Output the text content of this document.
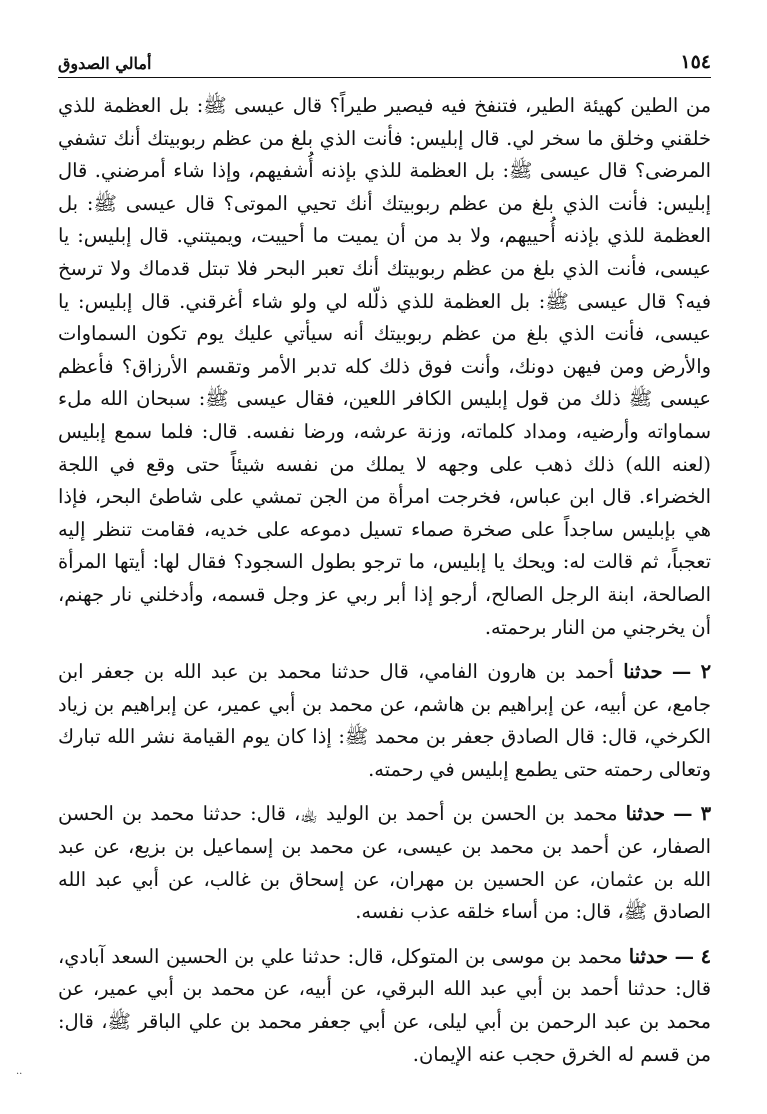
أمالي الصدوق	١٥٤

من الطين كهيئة الطير، فتنفخ فيه فيصير طيراً؟ قال عيسى ﷺ: بل العظمة للذي خلقني وخلق ما سخر لي. قال إبليس: فأنت الذي بلغ من عظم ربوبيتك أنك تشفي المرضى؟ قال عيسى ﷺ: بل العظمة للذي بإذنه أُشفيهم، وإذا شاء أمرضني. قال إبليس: فأنت الذي بلغ من عظم ربوبيتك أنك تحيي الموتى؟ قال عيسى ﷺ: بل العظمة للذي بإذنه أُحييهم، ولا بد من أن يميت ما أحييت، ويميتني. قال إبليس: يا عيسى، فأنت الذي بلغ من عظم ربوبيتك أنك تعبر البحر فلا تبتل قدماك ولا ترسخ فيه؟ قال عيسى ﷺ: بل العظمة للذي ذلّله لي ولو شاء أغرقني. قال إبليس: يا عيسى، فأنت الذي بلغ من عظم ربوبيتك أنه سيأتي عليك يوم تكون السماوات والأرض ومن فيهن دونك، وأنت فوق ذلك كله تدبر الأمر وتقسم الأرزاق؟ فأعظم عيسى ﷺ ذلك من قول إبليس الكافر اللعين، فقال عيسى ﷺ: سبحان الله ملء سماواته وأرضيه، ومداد كلماته، وزنة عرشه، ورضا نفسه. قال: فلما سمع إبليس (لعنه الله) ذلك ذهب على وجهه لا يملك من نفسه شيئاً حتى وقع في اللجة الخضراء. قال ابن عباس، فخرجت امرأة من الجن تمشي على شاطئ البحر، فإذا هي بإبليس ساجداً على صخرة صماء تسيل دموعه على خديه، فقامت تنظر إليه تعجباً، ثم قالت له: ويحك يا إبليس، ما ترجو بطول السجود؟ فقال لها: أيتها المرأة الصالحة، ابنة الرجل الصالح، أرجو إذا أبر ربي عز وجل قسمه، وأدخلني نار جهنم، أن يخرجني من النار برحمته.

٢ — حدثنا أحمد بن هارون الفامي، قال حدثنا محمد بن عبد الله بن جعفر ابن جامع، عن أبيه، عن إبراهيم بن هاشم، عن محمد بن أبي عمير، عن إبراهيم بن زياد الكرخي، قال: قال الصادق جعفر بن محمد ﷺ: إذا كان يوم القيامة نشر الله تبارك وتعالى رحمته حتى يطمع إبليس في رحمته.

٣ — حدثنا محمد بن الحسن بن أحمد بن الوليد ﵀، قال: حدثنا محمد بن الحسن الصفار، عن أحمد بن محمد بن عيسى، عن محمد بن إسماعيل بن بزيع، عن عبد الله بن عثمان، عن الحسين بن مهران، عن إسحاق بن غالب، عن أبي عبد الله الصادق ﷺ، قال: من أساء خلقه عذب نفسه.

٤ — حدثنا محمد بن موسى بن المتوكل، قال: حدثنا علي بن الحسين السعد آبادي، قال: حدثنا أحمد بن أبي عبد الله البرقي، عن أبيه، عن محمد بن أبي عمير، عن محمد بن عبد الرحمن بن أبي ليلى، عن أبي جعفر محمد بن علي الباقر ﷺ، قال: من قسم له الخرق حجب عنه الإيمان.

..
